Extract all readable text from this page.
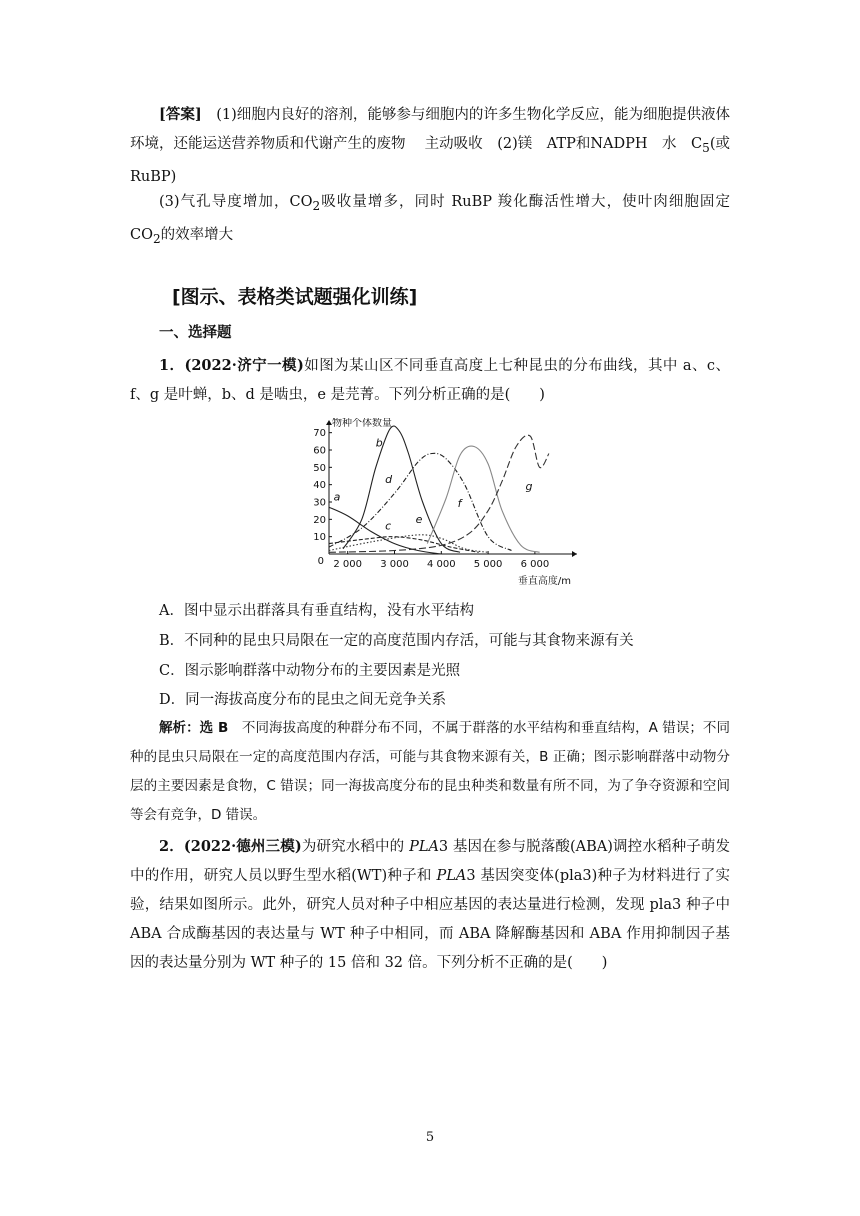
[答案]　 (1)细胞内良好的溶剂，能够参与细胞内的许多生物化学反应，能为细胞提供液体环境，还能运送营养物质和代谢产生的废物　 主动吸收　(2)镁　ATP和NADPH　水　$C_5$(或 RuBP)
(3)气孔导度增加，$CO_2$吸收量增多，同时 RuBP 羧化酶活性增大，使叶肉细胞固定 $CO_2$的效率增大
[图示、表格类试题强化训练]
一、选择题
1．(2022·济宁一模)如图为某山区不同垂直高度上七种昆虫的分布曲线，其中 a、c、f、g 是叶蝉，b、d 是啮虫，e 是芫菁。下列分析正确的是(　　)
10
20
30
40
50
60
70
0 2 000 3 000 4 000 5 000 6 000
物种个体数量
垂直高度/m
a
b
c
d
e
f
g
A．图中显示出群落具有垂直结构，没有水平结构
B．不同种的昆虫只局限在一定的高度范围内存活，可能与其食物来源有关
C．图示影响群落中动物分布的主要因素是光照
D．同一海拔高度分布的昆虫之间无竞争关系
解析：选 B　不同海拔高度的种群分布不同，不属于群落的水平结构和垂直结构，A 错误；不同种的昆虫只局限在一定的高度范围内存活，可能与其食物来源有关，B 正确；图示影响群落中动物分层的主要因素是食物，C 错误；同一海拔高度分布的昆虫种类和数量有所不同，为了争夺资源和空间等会有竞争，D 错误。
2．(2022·德州三模)为研究水稻中的 PLA3 基因在参与脱落酸(ABA)调控水稻种子萌发中的作用，研究人员以野生型水稻(WT)种子和 PLA3 基因突变体(pla3)种子为材料进行了实验，结果如图所示。此外，研究人员对种子中相应基因的表达量进行检测，发现 pla3 种子中 ABA 合成酶基因的表达量与 WT 种子中相同，而 ABA 降解酶基因和 ABA 作用抑制因子基因的表达量分别为 WT 种子的 15 倍和 32 倍。下列分析不正确的是(　　)
5
